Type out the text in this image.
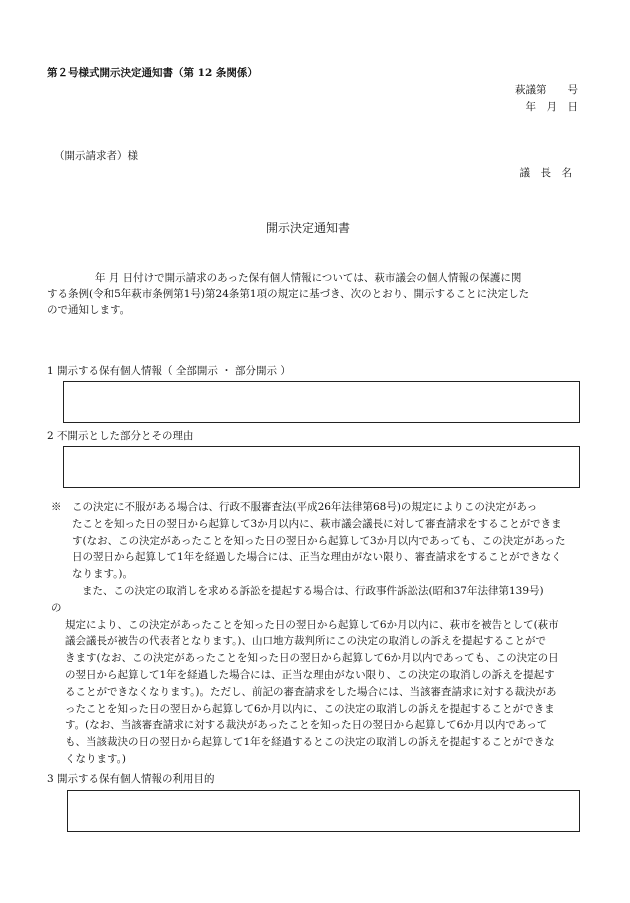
第２号様式開示決定通知書（第 12 条関係）
萩議第　　号
年　月　日
（開示請求者）様
議　長　名
開示決定通知書
年 月 日付けで開示請求のあった保有個人情報については、萩市議会の個人情報の保護に関
する条例(令和5年萩市条例第1号)第24条第1項の規定に基づき、次のとおり、開示することに決定した
ので通知します。
1 開示する保有個人情報（ 全部開示 ・ 部分開示 ）
2 不開示とした部分とその理由
※　この決定に不服がある場合は、行政不服審査法(平成26年法律第68号)の規定によりこの決定があっ
たことを知った日の翌日から起算して3か月以内に、萩市議会議長に対して審査請求をすることができま
す(なお、この決定があったことを知った日の翌日から起算して3か月以内であっても、この決定があった
日の翌日から起算して1年を経過した場合には、正当な理由がない限り、審査請求をすることができなく
なります。)。
また、この決定の取消しを求める訴訟を提起する場合は、行政事件訴訟法(昭和37年法律第139号)
の
規定により、この決定があったことを知った日の翌日から起算して6か月以内に、萩市を被告として(萩市
議会議長が被告の代表者となります。)、山口地方裁判所にこの決定の取消しの訴えを提起することがで
きます(なお、この決定があったことを知った日の翌日から起算して6か月以内であっても、この決定の日
の翌日から起算して1年を経過した場合には、正当な理由がない限り、この決定の取消しの訴えを提起す
ることができなくなります。)。ただし、前記の審査請求をした場合には、当該審査請求に対する裁決があ
ったことを知った日の翌日から起算して6か月以内に、この決定の取消しの訴えを提起することができま
す。(なお、当該審査請求に対する裁決があったことを知った日の翌日から起算して6か月以内であって
も、当該裁決の日の翌日から起算して1年を経過するとこの決定の取消しの訴えを提起することができな
くなります。)
3 開示する保有個人情報の利用目的
